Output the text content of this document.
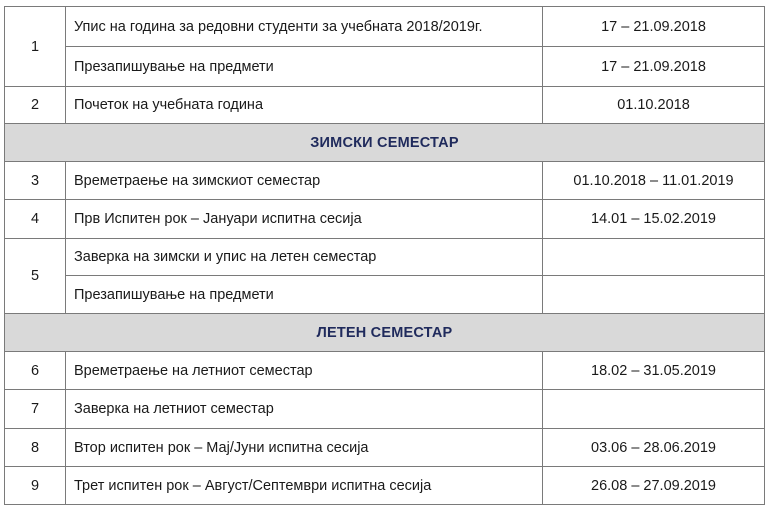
1	Упис на година за редовни студенти за учебната 2018/2019г.	17 – 21.09.2018
	Презапишување на предмети	17 – 21.09.2018
2	Почеток на учебната година	01.10.2018
ЗИМСКИ СЕМЕСТАР		
3	Времетраење на зимскиот семестар	01.10.2018 – 11.01.2019
4	Прв Испитен рок – Јануари испитна сесија	14.01 – 15.02.2019
5	Заверка на зимски и упис на летен семестар	
	Презапишување на предмети	
ЛЕТЕН СЕМЕСТАР		
6	Времетраење на летниот семестар	18.02 – 31.05.2019
7	Заверка на летниот семестар	
8	Втор испитен рок – Мај/Јуни испитна сесија	03.06 – 28.06.2019
9	Трет испитен рок – Август/Септември испитна сесија	26.08 – 27.09.2019
